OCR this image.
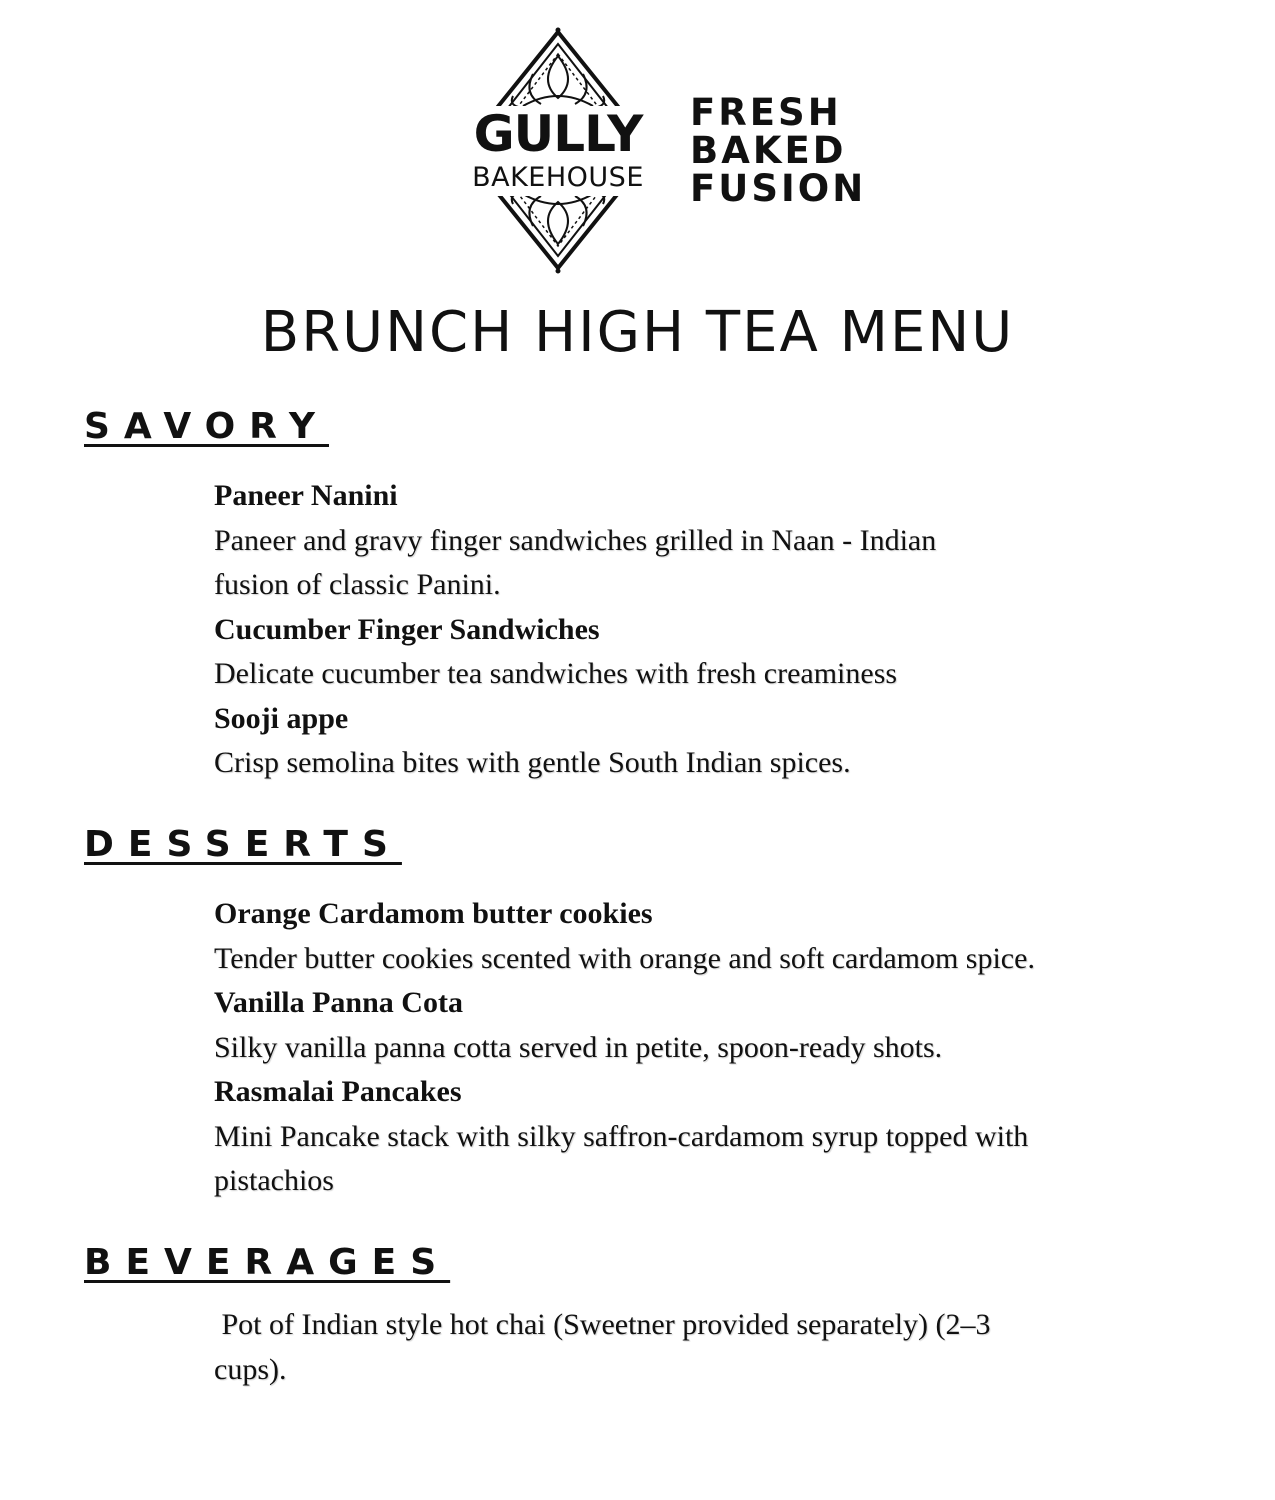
GULLY
BAKEHOUSE
FRESH
BAKED
FUSION
BRUNCH HIGH TEA MENU
SAVORY
Paneer Nanini
Paneer and gravy finger sandwiches grilled in Naan - Indian
fusion of classic Panini.
Cucumber Finger Sandwiches
Delicate cucumber tea sandwiches with fresh creaminess
Sooji appe
Crisp semolina bites with gentle South Indian spices.
DESSERTS
Orange Cardamom butter cookies
Tender butter cookies scented with orange and soft cardamom spice.
Vanilla Panna Cota
Silky vanilla panna cotta served in petite, spoon-ready shots.
Rasmalai Pancakes
Mini Pancake stack with silky saffron-cardamom syrup topped with
pistachios
BEVERAGES
Pot of Indian style hot chai (Sweetner provided separately) (2–3
cups).
